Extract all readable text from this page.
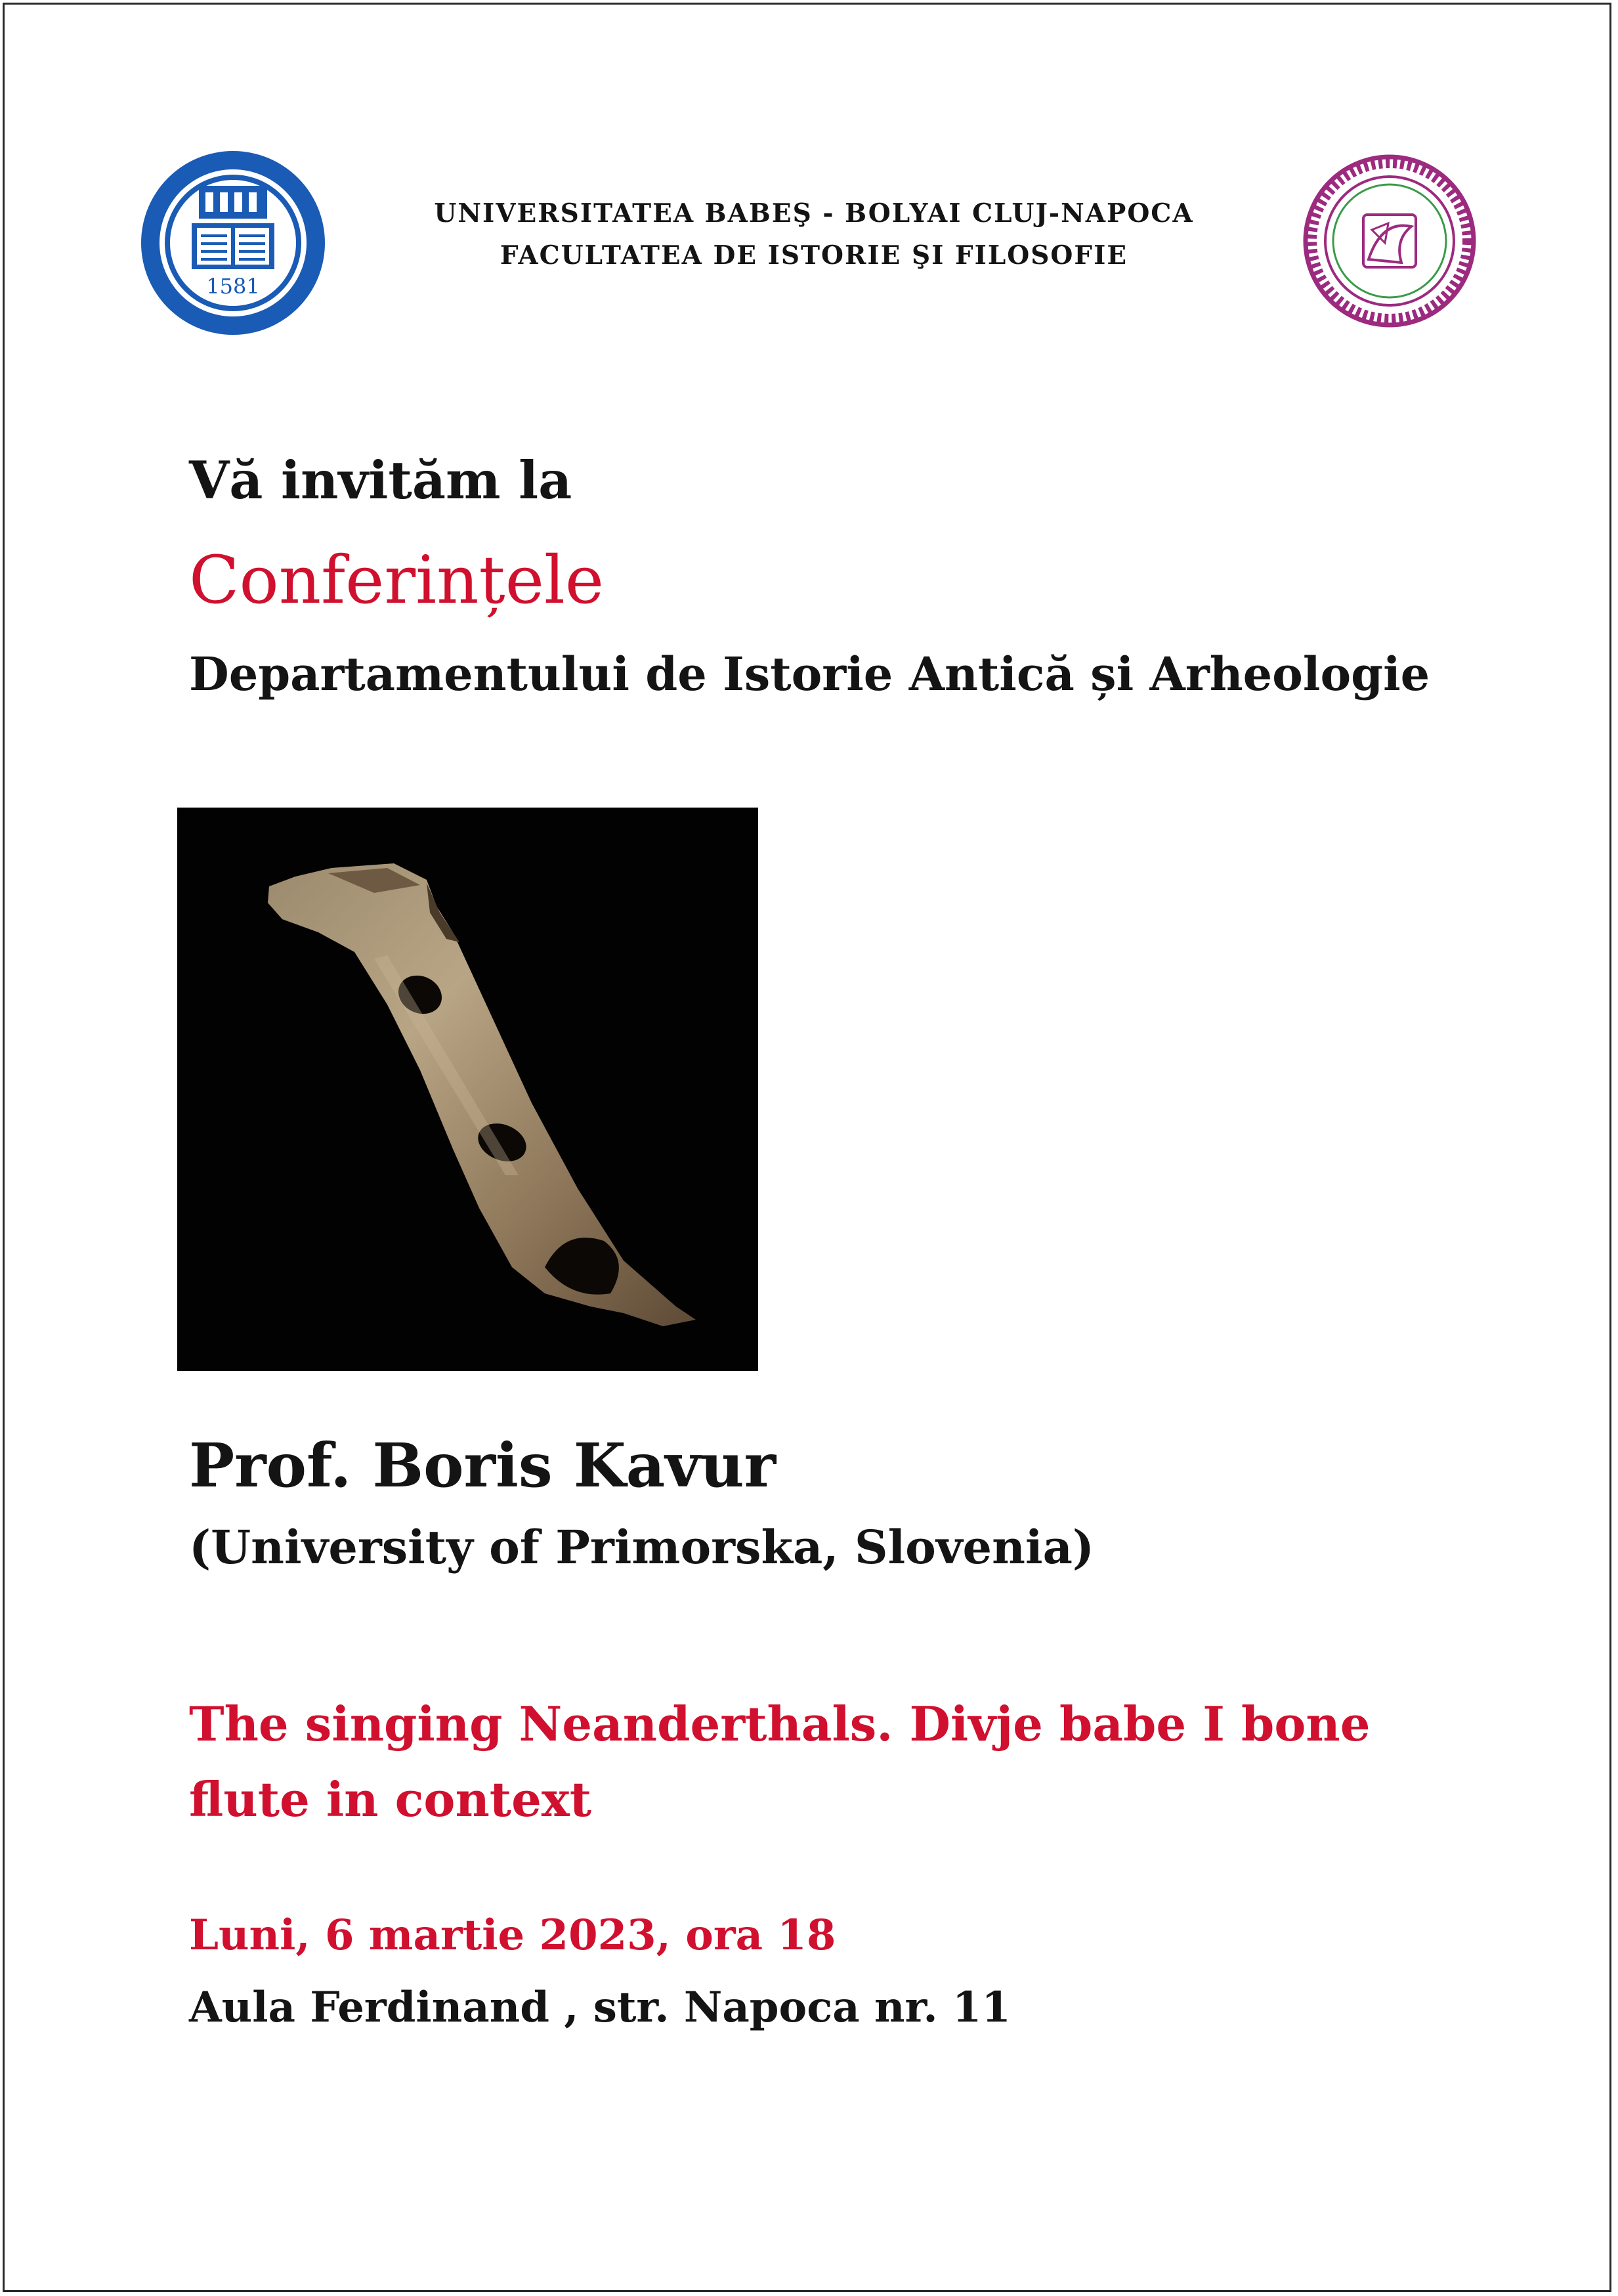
1581
UNIVERSITATEA BABEŞ - BOLYAI CLUJ-NAPOCA
FACULTATEA DE ISTORIE ŞI FILOSOFIE
Vă invităm la
Conferințele
Departamentului de Istorie Antică și Arheologie
Prof. Boris Kavur
(University of Primorska, Slovenia)
The singing Neanderthals. Divje babe I bone flute in context
Luni, 6 martie 2023, ora 18
Aula Ferdinand , str. Napoca nr. 11
